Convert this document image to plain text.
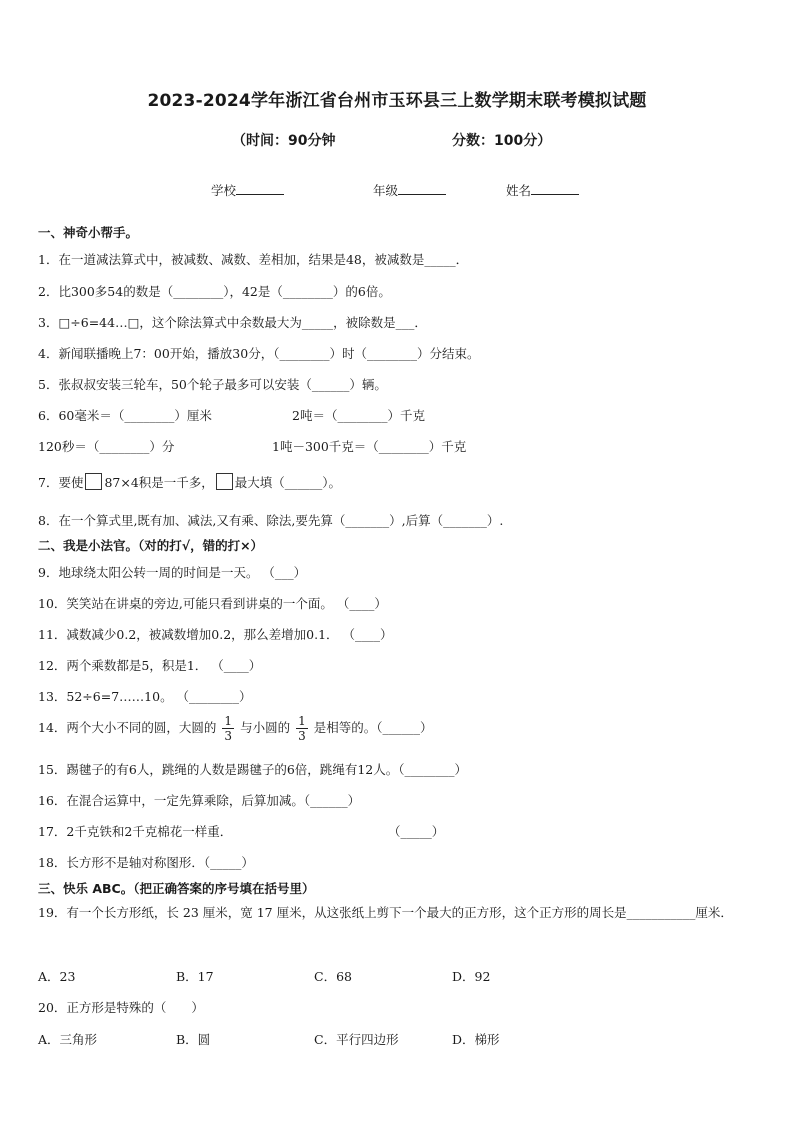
2023-2024学年浙江省台州市玉环县三上数学期末联考模拟试题
（时间：90分钟	分数：100分）
学校	年级	姓名
一、神奇小帮手。
1．在一道减法算式中，被减数、减数、差相加，结果是48，被减数是_____．
2．比300多54的数是（________），42是（________）的6倍。
3．□÷6=44…□，这个除法算式中余数最大为_____，被除数是___．
4．新闻联播晚上7：00开始，播放30分，（________）时（________）分结束。
5．张叔叔安装三轮车，50个轮子最多可以安装（______）辆。
6．60毫米＝（________）厘米	2吨＝（________）千克
120秒＝（________）分	1吨－300千克＝（________）千克
7．要使 87×4积是一千多， 最大填（______）。
8．在一个算式里,既有加、减法,又有乘、除法,要先算（_______）,后算（_______）.
二、我是小法官。（对的打√，错的打×）
9．地球绕太阳公转一周的时间是一天。 （___）
10．笑笑站在讲桌的旁边,可能只看到讲桌的一个面。 （____）
11．减数减少0.2，被减数增加0.2，那么差增加0.1． （____）
12．两个乘数都是5，积是1． （____）
13．52÷6=7……10。 （________）
14．两个大小不同的圆，大圆的 $\frac{1}{3}$ 与小圆的 $\frac{1}{3}$ 是相等的。（______）
15．踢毽子的有6人，跳绳的人数是踢毽子的6倍，跳绳有12人。（________）
16．在混合运算中，一定先算乘除，后算加减。（______）
17．2千克铁和2千克棉花一样重．	（_____）
18．长方形不是轴对称图形．（_____）
三、快乐 ABC。（把正确答案的序号填在括号里）
19．有一个长方形纸，长 23 厘米，宽 17 厘米，从这张纸上剪下一个最大的正方形，这个正方形的周长是___________厘米．
A．23	B．17	C．68	D．92
20．正方形是特殊的（　　）
A．三角形	B．圆	C．平行四边形	D．梯形
